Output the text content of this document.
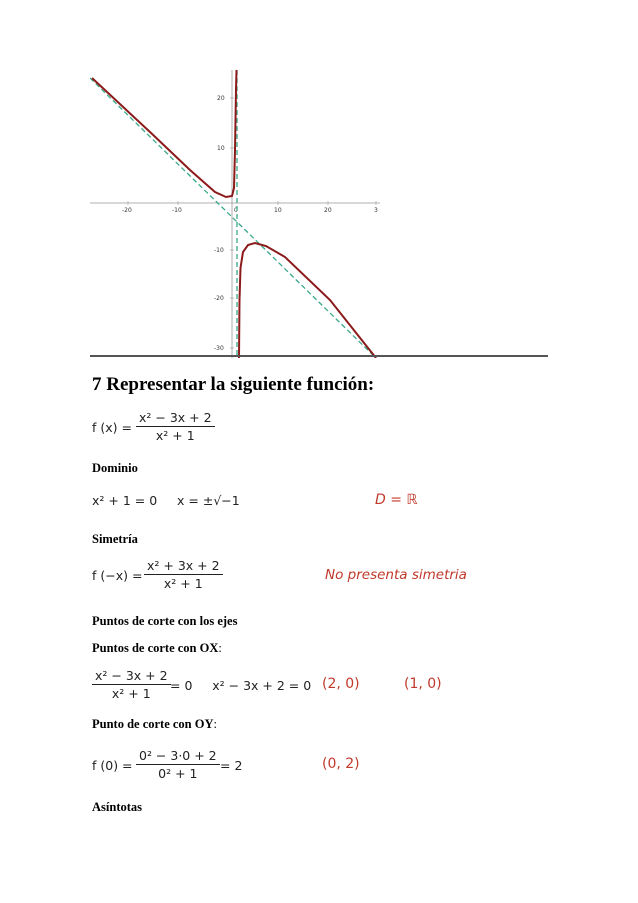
-20	-10	0	10	20	3
20
10
-10
-20
-30
7 Representar la siguiente función:
f $(x) = \frac{\text{x² − 3x + 2}}{\text{x² + 1}}$
Dominio
x² + 1 = 0     x = ±√−1	D = ℝ
Simetría
f $(-x) = \frac{\text{x² + 3x + 2}}{\text{x² + 1}}$	No presenta simetria
Puntos de corte con los ejes
Puntos de corte con OX:
$\frac{\text{x² − 3x + 2}}{\text{x² + 1}} = 0$     x² − 3x + 2 = 0 (2, 0)	(1, 0)
Punto de corte con OY:
f $(0) = \frac{\text{0² − 3·0 + 2}}{\text{0² + 1}} = 2$	(0, 2)
Asíntotas
